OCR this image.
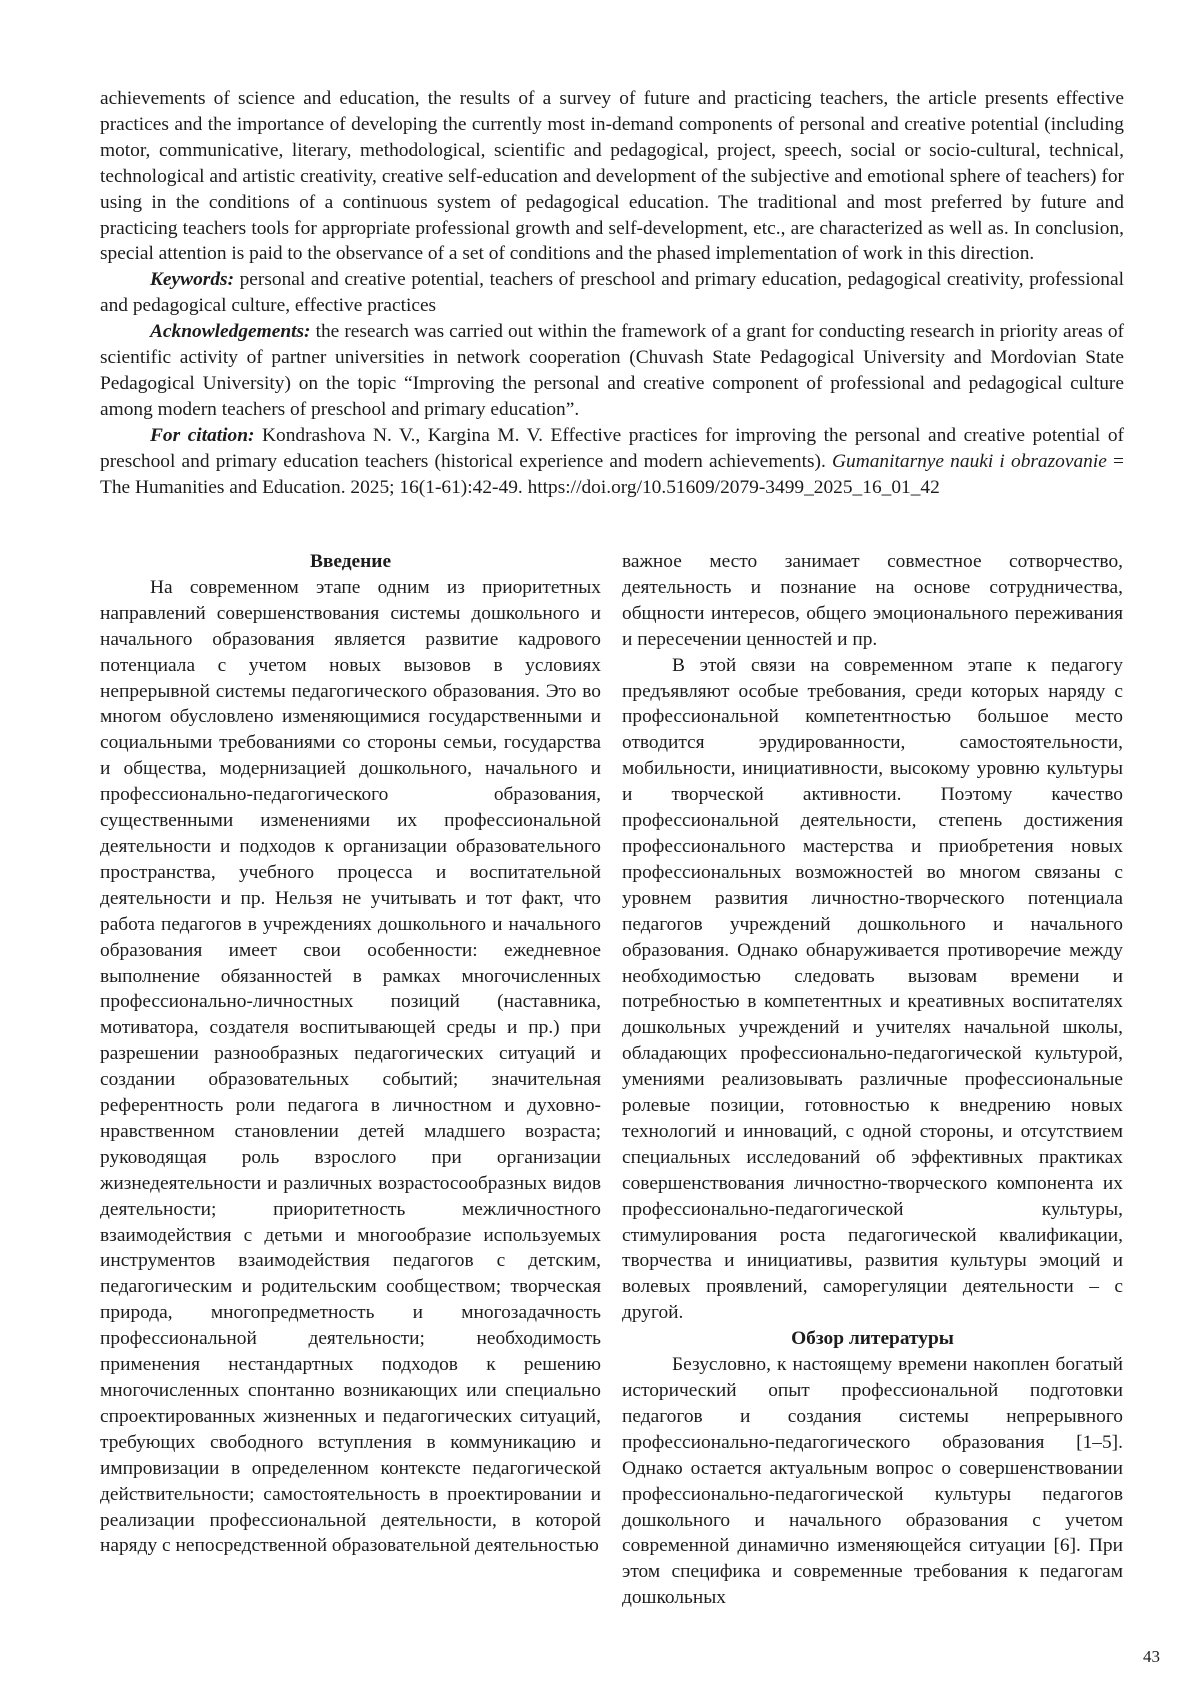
achievements of science and education, the results of a survey of future and practicing teachers, the article presents effective practices and the importance of developing the currently most in-demand components of personal and creative potential (including motor, communicative, literary, methodological, scientific and pedagogical, project, speech, social or socio-cultural, technical, technological and artistic creativity, creative self-education and development of the subjective and emotional sphere of teachers) for using in the conditions of a continuous system of pedagogical education. The traditional and most preferred by future and practicing teachers tools for appropriate professional growth and self-development, etc., are characterized as well as. In conclusion, special attention is paid to the observance of a set of conditions and the phased implementation of work in this direction.

Keywords: personal and creative potential, teachers of preschool and primary education, pedagogical creativity, professional and pedagogical culture, effective practices

Acknowledgements: the research was carried out within the framework of a grant for conducting research in priority areas of scientific activity of partner universities in network cooperation (Chuvash State Pedagogical University and Mordovian State Pedagogical University) on the topic “Improving the personal and creative component of professional and pedagogical culture among modern teachers of preschool and primary education”.

For citation: Kondrashova N. V., Kargina M. V. Effective practices for improving the personal and creative potential of preschool and primary education teachers (historical experience and modern achievements). Gumanitarnye nauki i obrazovanie = The Humanities and Education. 2025; 16(1-61):42-49. https://doi.org/10.51609/2079-3499_2025_16_01_42

Введение

На современном этапе одним из приоритетных направлений совершенствования системы дошкольного и начального образования является развитие кадрового потенциала с учетом новых вызовов в условиях непрерывной системы педагогического образования. Это во многом обусловлено изменяющимися государственными и социальными требованиями со стороны семьи, государства и общества, модернизацией дошкольного, начального и профессионально-педагогического образования, существенными изменениями их профессиональной деятельности и подходов к организации образовательного пространства, учебного процесса и воспитательной деятельности и пр. Нельзя не учитывать и тот факт, что работа педагогов в учреждениях дошкольного и начального образования имеет свои особенности: ежедневное выполнение обязанностей в рамках многочисленных профессионально-личностных позиций (наставника, мотиватора, создателя воспитывающей среды и пр.) при разрешении разнообразных педагогических ситуаций и создании образовательных событий; значительная референтность роли педагога в личностном и духовно-нравственном становлении детей младшего возраста; руководящая роль взрослого при организации жизнедеятельности и различных возрастосообразных видов деятельности; приоритетность межличностного взаимодействия с детьми и многообразие используемых инструментов взаимодействия педагогов с детским, педагогическим и родительским сообществом; творческая природа, многопредметность и многозадачность профессиональной деятельности; необходимость применения нестандартных подходов к решению многочисленных спонтанно возникающих или специально спроектированных жизненных и педагогических ситуаций, требующих свободного вступления в коммуникацию и импровизации в определенном контексте педагогической действительности; самостоятельность в проектировании и реализации профессиональной деятельности, в которой наряду с непосредственной образовательной деятельностью

важное место занимает совместное сотворчество, деятельность и познание на основе сотрудничества, общности интересов, общего эмоционального переживания и пересечении ценностей и пр.

В этой связи на современном этапе к педагогу предъявляют особые требования, среди которых наряду с профессиональной компетентностью большое место отводится эрудированности, самостоятельности, мобильности, инициативности, высокому уровню культуры и творческой активности. Поэтому качество профессиональной деятельности, степень достижения профессионального мастерства и приобретения новых профессиональных возможностей во многом связаны с уровнем развития личностно-творческого потенциала педагогов учреждений дошкольного и начального образования. Однако обнаруживается противоречие между необходимостью следовать вызовам времени и потребностью в компетентных и креативных воспитателях дошкольных учреждений и учителях начальной школы, обладающих профессионально-педагогической культурой, умениями реализовывать различные профессиональные ролевые позиции, готовностью к внедрению новых технологий и инноваций, с одной стороны, и отсутствием специальных исследований об эффективных практиках совершенствования личностно-творческого компонента их профессионально-педагогической культуры, стимулирования роста педагогической квалификации, творчества и инициативы, развития культуры эмоций и волевых проявлений, саморегуляции деятельности – с другой.

Обзор литературы

Безусловно, к настоящему времени накоплен богатый исторический опыт профессиональной подготовки педагогов и создания системы непрерывного профессионально-педагогического образования [1–5]. Однако остается актуальным вопрос о совершенствовании профессионально-педагогической культуры педагогов дошкольного и начального образования с учетом современной динамично изменяющейся ситуации [6]. При этом специфика и современные требования к педагогам дошкольных

43
